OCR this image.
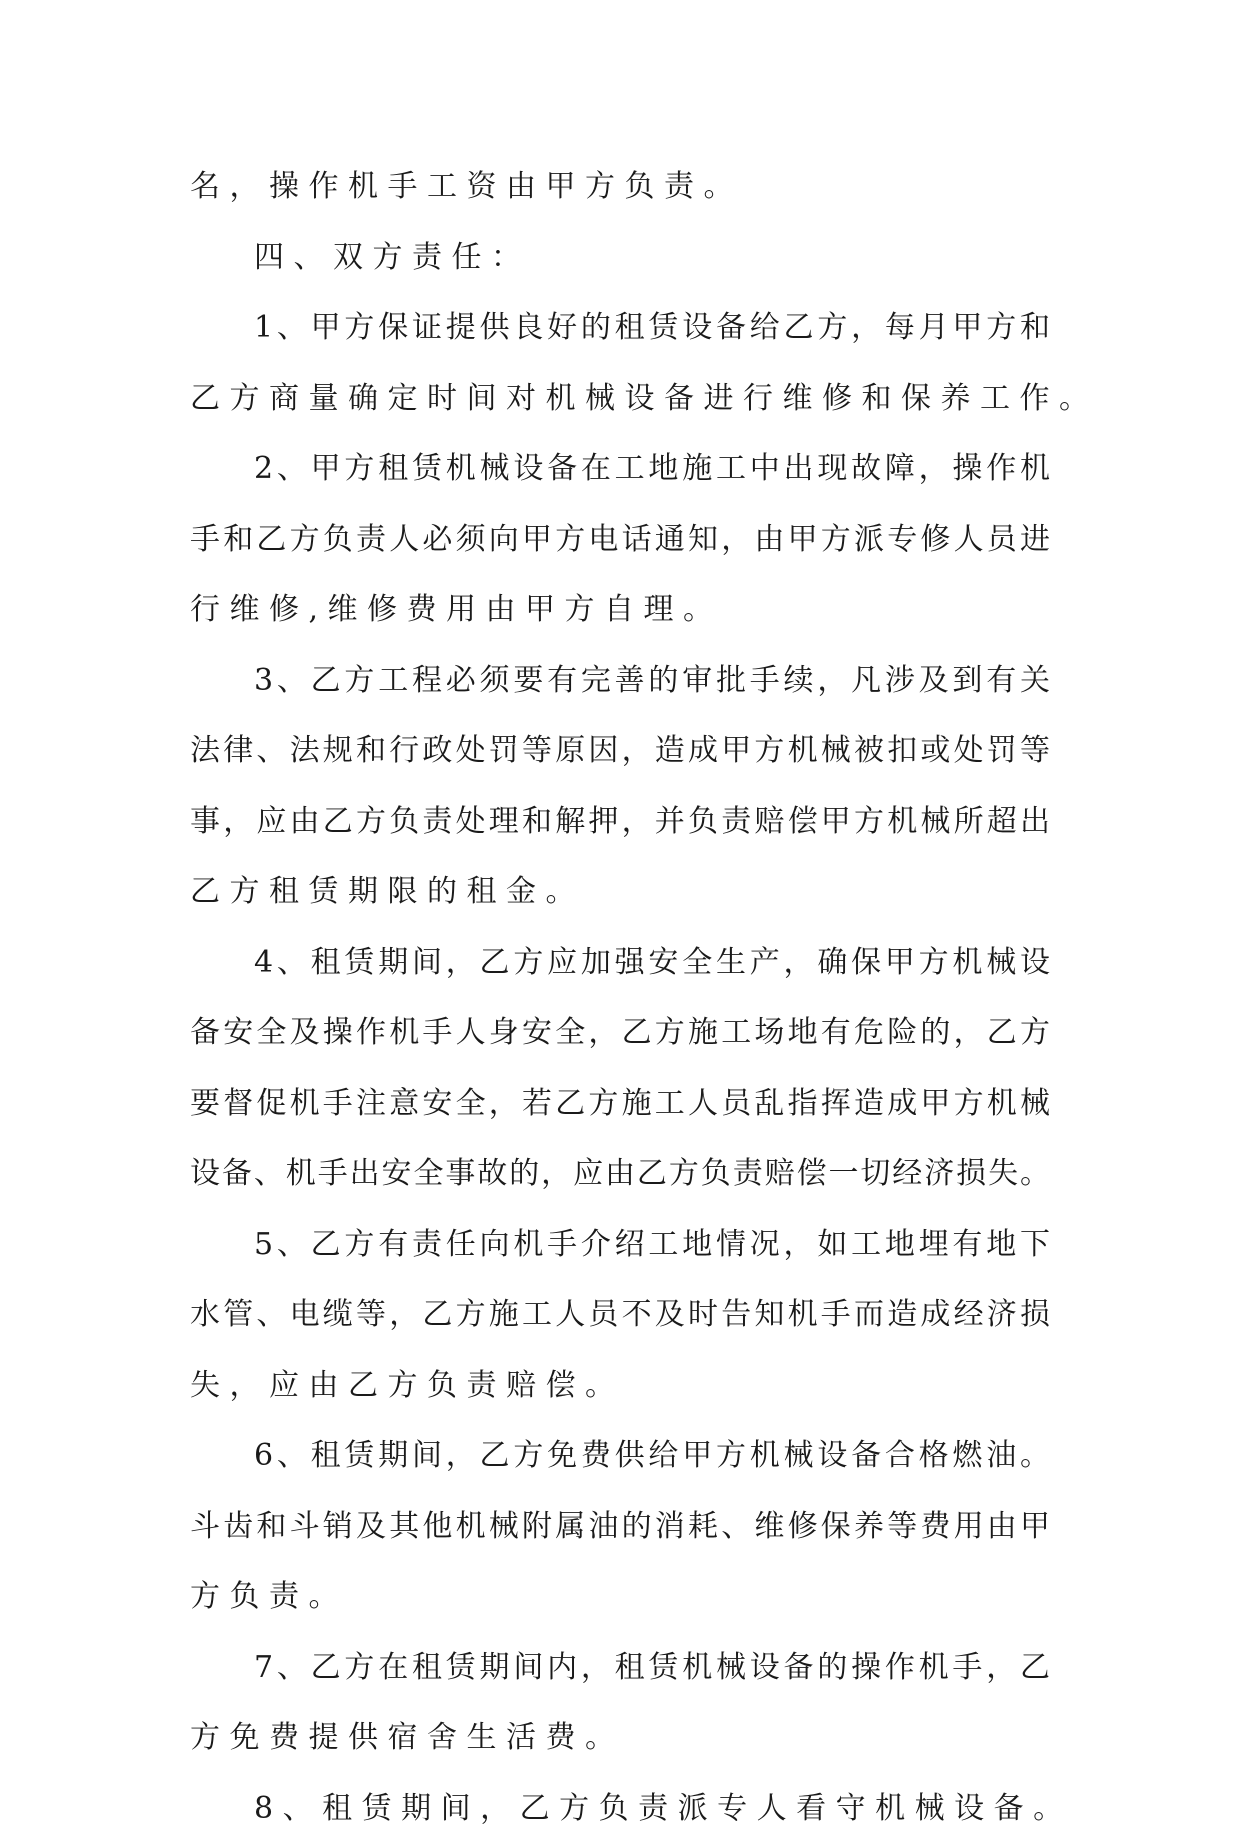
名，操作机手工资由甲方负责。
四、双方责任：
1、甲方保证提供良好的租赁设备给乙方，每月甲方和
乙方商量确定时间对机械设备进行维修和保养工作。
2、甲方租赁机械设备在工地施工中出现故障，操作机
手和乙方负责人必须向甲方电话通知，由甲方派专修人员进
行维修,维修费用由甲方自理。
3、乙方工程必须要有完善的审批手续，凡涉及到有关
法律、法规和行政处罚等原因，造成甲方机械被扣或处罚等
事，应由乙方负责处理和解押，并负责赔偿甲方机械所超出
乙方租赁期限的租金。
4、租赁期间，乙方应加强安全生产，确保甲方机械设
备安全及操作机手人身安全，乙方施工场地有危险的，乙方
要督促机手注意安全，若乙方施工人员乱指挥造成甲方机械
设备、机手出安全事故的，应由乙方负责赔偿一切经济损失。
5、乙方有责任向机手介绍工地情况，如工地埋有地下
水管、电缆等，乙方施工人员不及时告知机手而造成经济损
失，应由乙方负责赔偿。
6、租赁期间，乙方免费供给甲方机械设备合格燃油。
斗齿和斗销及其他机械附属油的消耗、维修保养等费用由甲
方负责。
7、乙方在租赁期间内，租赁机械设备的操作机手，乙
方免费提供宿舍生活费。
8、租赁期间，乙方负责派专人看守机械设备。
